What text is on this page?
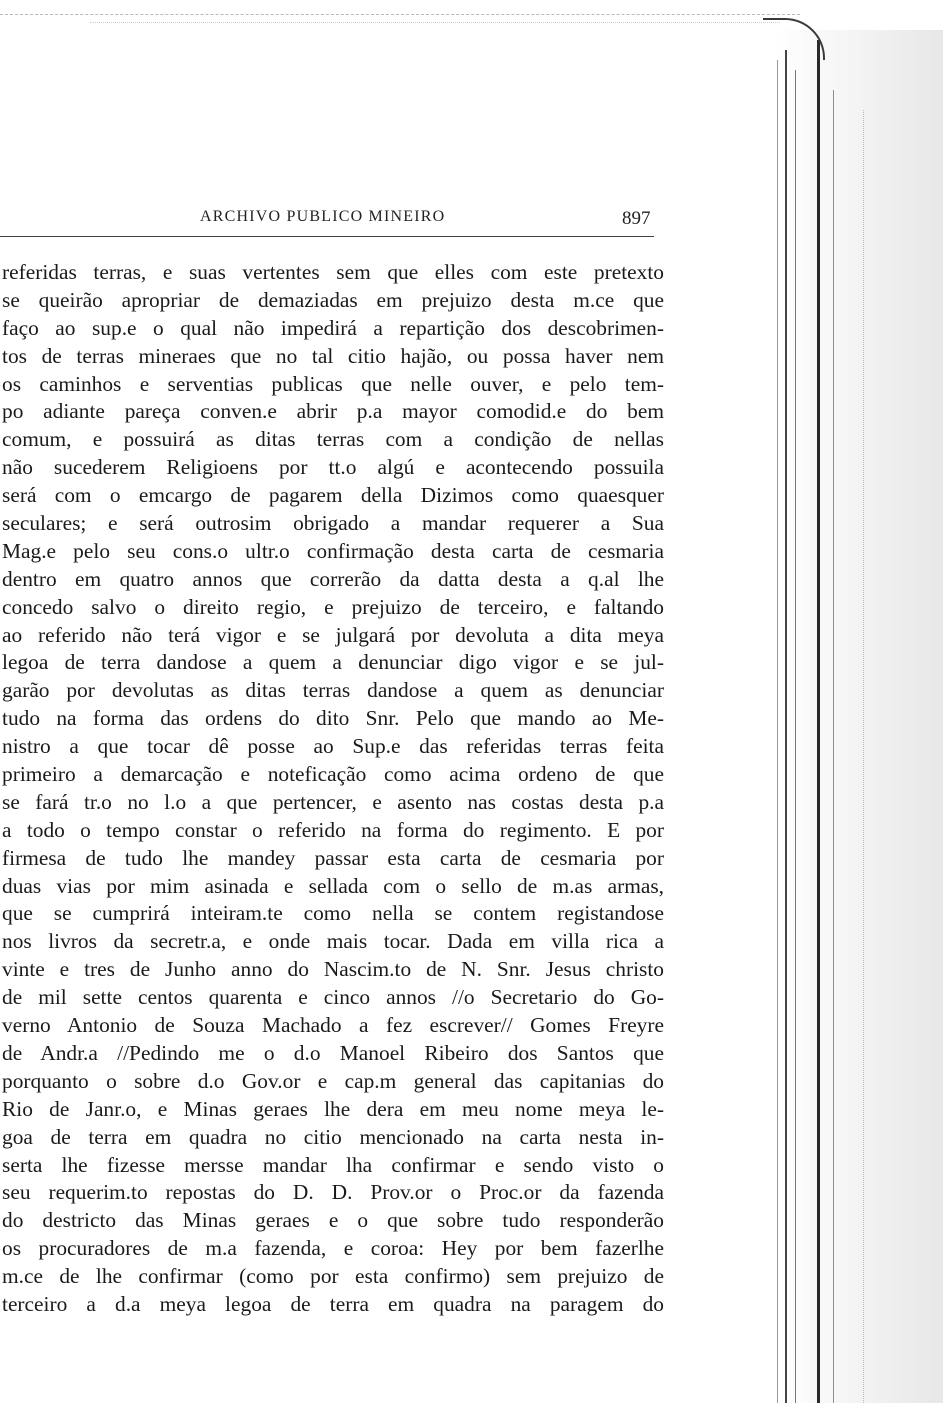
ARCHIVO PUBLICO MINEIRO	897
referidas terras, e suas vertentes sem que elles com este pretexto
se queirão apropriar de demaziadas em prejuizo desta m.ce que
faço ao sup.e o qual não impedirá a repartição dos descobrimen-
tos de terras mineraes que no tal citio hajão, ou possa haver nem
os caminhos e serventias publicas que nelle ouver, e pelo tem-
po adiante pareça conven.e abrir p.a mayor comodid.e do bem
comum, e possuirá as ditas terras com a condição de nellas
não sucederem Religioens por tt.o algú e acontecendo possuila
será com o emcargo de pagarem della Dizimos como quaesquer
seculares; e será outrosim obrigado a mandar requerer a Sua
Mag.e pelo seu cons.o ultr.o confirmação desta carta de cesmaria
dentro em quatro annos que correrão da datta desta a q.al lhe
concedo salvo o direito regio, e prejuizo de terceiro, e faltando
ao referido não terá vigor e se julgará por devoluta a dita meya
legoa de terra dandose a quem a denunciar digo vigor e se jul-
garão por devolutas as ditas terras dandose a quem as denunciar
tudo na forma das ordens do dito Snr. Pelo que mando ao Me-
nistro a que tocar dê posse ao Sup.e das referidas terras feita
primeiro a demarcação e noteficação como acima ordeno de que
se fará tr.o no l.o a que pertencer, e asento nas costas desta p.a
a todo o tempo constar o referido na forma do regimento. E por
firmesa de tudo lhe mandey passar esta carta de cesmaria por
duas vias por mim asinada e sellada com o sello de m.as armas,
que se cumprirá inteiram.te como nella se contem registandose
nos livros da secretr.a, e onde mais tocar. Dada em villa rica a
vinte e tres de Junho anno do Nascim.to de N. Snr. Jesus christo
de mil sette centos quarenta e cinco annos //o Secretario do Go-
verno Antonio de Souza Machado a fez escrever// Gomes Freyre
de Andr.a //Pedindo me o d.o Manoel Ribeiro dos Santos que
porquanto o sobre d.o Gov.or e cap.m general das capitanias do
Rio de Janr.o, e Minas geraes lhe dera em meu nome meya le-
goa de terra em quadra no citio mencionado na carta nesta in-
serta lhe fizesse mersse mandar lha confirmar e sendo visto o
seu requerim.to repostas do D. D. Prov.or o Proc.or da fazenda
do destricto das Minas geraes e o que sobre tudo responderão
os procuradores de m.a fazenda, e coroa: Hey por bem fazerlhe
m.ce de lhe confirmar (como por esta confirmo) sem prejuizo de
terceiro a d.a meya legoa de terra em quadra na paragem do
